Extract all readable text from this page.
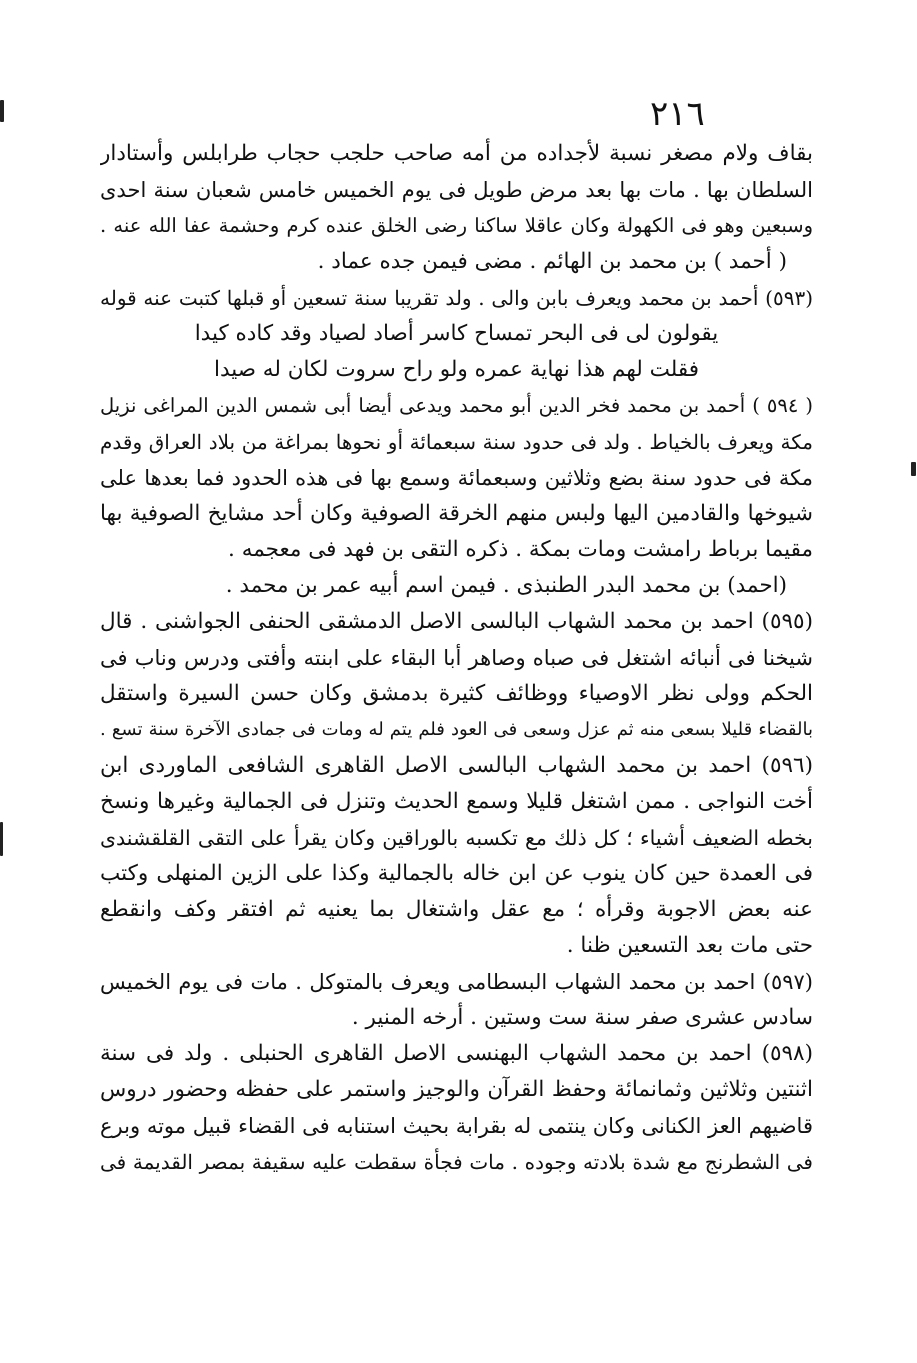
٢١٦
بقاف ولام مصغر نسبة لأجداده من أمه صاحب حلجب حجاب طرابلس وأستادار
السلطان بها . مات بها بعد مرض طويل فى يوم الخميس خامس شعبان سنة احدى
وسبعين وهو فى الكهولة وكان عاقلا ساكنا رضى الخلق عنده كرم وحشمة عفا الله عنه .
( أحمد ) بن محمد بن الهائم . مضى فيمن جده عماد .
(٥٩٣) أحمد بن محمد ويعرف بابن والى . ولد تقريبا سنة تسعين أو قبلها كتبت عنه قوله
يقولون لى فى البحر تمساح كاسر أصاد لصياد وقد كاده كيدا
فقلت لهم هذا نهاية عمره ولو راح سروت لكان له صيدا
( ٥٩٤ ) أحمد بن محمد فخر الدين أبو محمد ويدعى أيضا أبى شمس الدين المراغى نزيل
مكة ويعرف بالخياط . ولد فى حدود سنة سبعمائة أو نحوها بمراغة من بلاد العراق وقدم
مكة فى حدود سنة بضع وثلاثين وسبعمائة وسمع بها فى هذه الحدود فما بعدها على
شيوخها والقادمين اليها ولبس منهم الخرقة الصوفية وكان أحد مشايخ الصوفية بها
مقيما برباط رامشت ومات بمكة . ذكره التقى بن فهد فى معجمه .
(احمد) بن محمد البدر الطنبذى . فيمن اسم أبيه عمر بن محمد .
(٥٩٥) احمد بن محمد الشهاب البالسى الاصل الدمشقى الحنفى الجواشنى . قال
شيخنا فى أنبائه اشتغل فى صباه وصاهر أبا البقاء على ابنته وأفتى ودرس وناب فى
الحكم وولى نظر الاوصياء ووظائف كثيرة بدمشق وكان حسن السيرة واستقل
بالقضاء قليلا بسعى منه ثم عزل وسعى فى العود فلم يتم له ومات فى جمادى الآخرة سنة تسع .
(٥٩٦) احمد بن محمد الشهاب البالسى الاصل القاهرى الشافعى الماوردى ابن
أخت النواجى . ممن اشتغل قليلا وسمع الحديث وتنزل فى الجمالية وغيرها ونسخ
بخطه الضعيف أشياء ؛ كل ذلك مع تكسبه بالوراقين وكان يقرأ على التقى القلقشندى
فى العمدة حين كان ينوب عن ابن خاله بالجمالية وكذا على الزين المنهلى وكتب
عنه بعض الاجوبة وقرأه ؛ مع عقل واشتغال بما يعنيه ثم افتقر وكف وانقطع
حتى مات بعد التسعين ظنا .
(٥٩٧) احمد بن محمد الشهاب البسطامى ويعرف بالمتوكل . مات فى يوم الخميس
سادس عشرى صفر سنة ست وستين . أرخه المنير .
(٥٩٨) احمد بن محمد الشهاب البهنسى الاصل القاهرى الحنبلى . ولد فى سنة
اثنتين وثلاثين وثمانمائة وحفظ القرآن والوجيز واستمر على حفظه وحضور دروس
قاضيهم العز الكنانى وكان ينتمى له بقرابة بحيث استنابه فى القضاء قبيل موته وبرع
فى الشطرنج مع شدة بلادته وجوده . مات فجأة سقطت عليه سقيفة بمصر القديمة فى
